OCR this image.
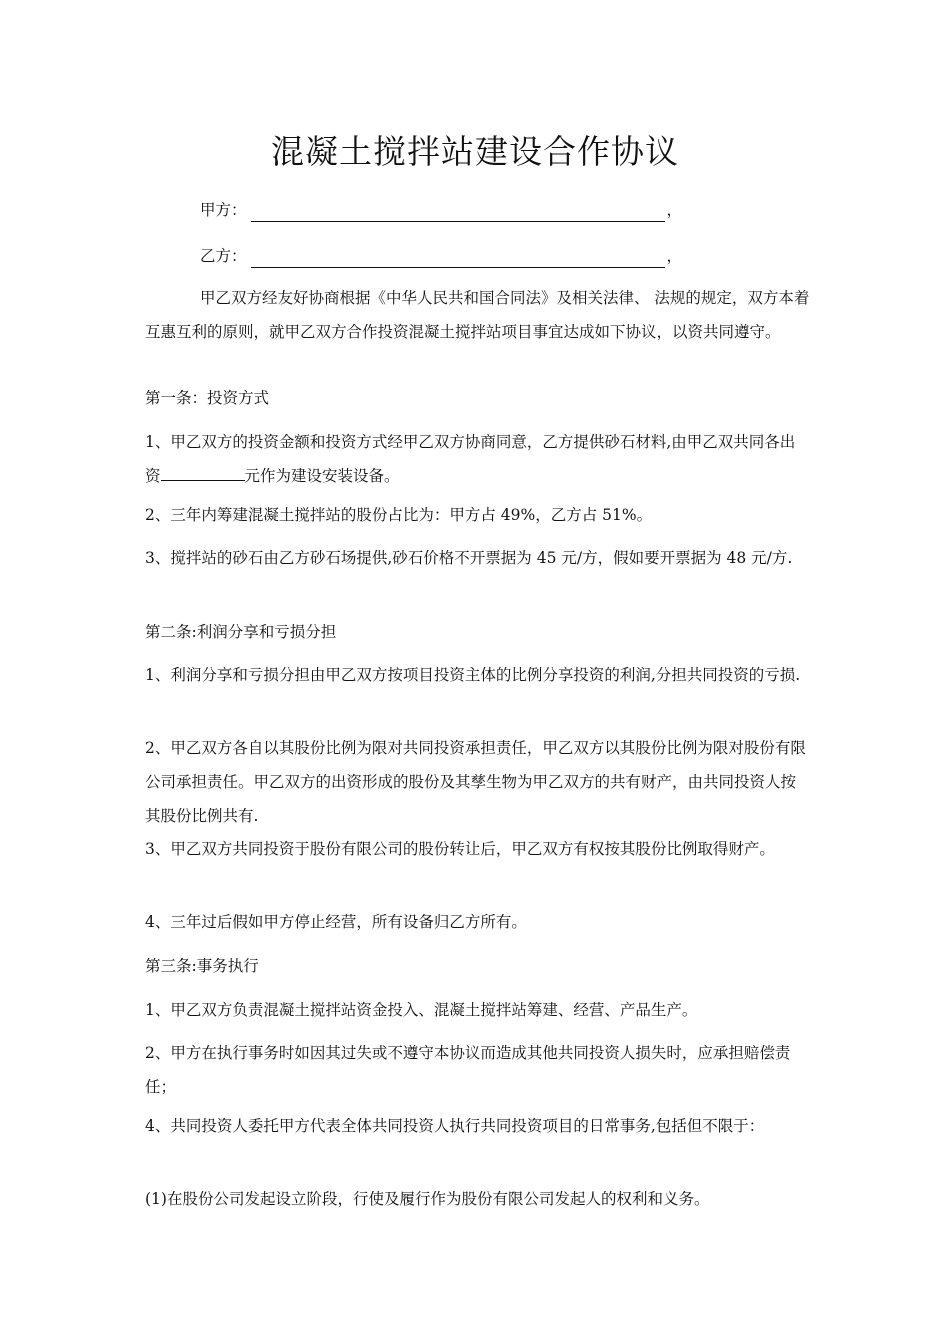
混凝土搅拌站建设合作协议
甲方：	，
乙方：	，

甲乙双方经友好协商根据《中华人民共和国合同法》及相关法律、 法规的规定，双方本着互惠互利的原则，就甲乙双方合作投资混凝土搅拌站项目事宜达成如下协议，以资共同遵守。

第一条：投资方式

1、甲乙双方的投资金额和投资方式经甲乙双方协商同意，乙方提供砂石材料,由甲乙双共同各出资	元作为建设安装设备。

2、三年内筹建混凝土搅拌站的股份占比为：甲方占 49%，乙方占 51%。

3、搅拌站的砂石由乙方砂石场提供,砂石价格不开票据为 45 元/方，假如要开票据为 48 元/方.

第二条:利润分享和亏损分担

1、利润分享和亏损分担由甲乙双方按项目投资主体的比例分享投资的利润,分担共同投资的亏损.

2、甲乙双方各自以其股份比例为限对共同投资承担责任，甲乙双方以其股份比例为限对股份有限公司承担责任。甲乙双方的出资形成的股份及其孳生物为甲乙双方的共有财产，由共同投资人按其股份比例共有.

3、甲乙双方共同投资于股份有限公司的股份转让后，甲乙双方有权按其股份比例取得财产。

4、三年过后假如甲方停止经营，所有设备归乙方所有。

第三条:事务执行

1、甲乙双方负责混凝土搅拌站资金投入、混凝土搅拌站筹建、经营、产品生产。

2、甲方在执行事务时如因其过失或不遵守本协议而造成其他共同投资人损失时，应承担赔偿责任；

4、共同投资人委托甲方代表全体共同投资人执行共同投资项目的日常事务,包括但不限于：

(1)在股份公司发起设立阶段，行使及履行作为股份有限公司发起人的权利和义务。
